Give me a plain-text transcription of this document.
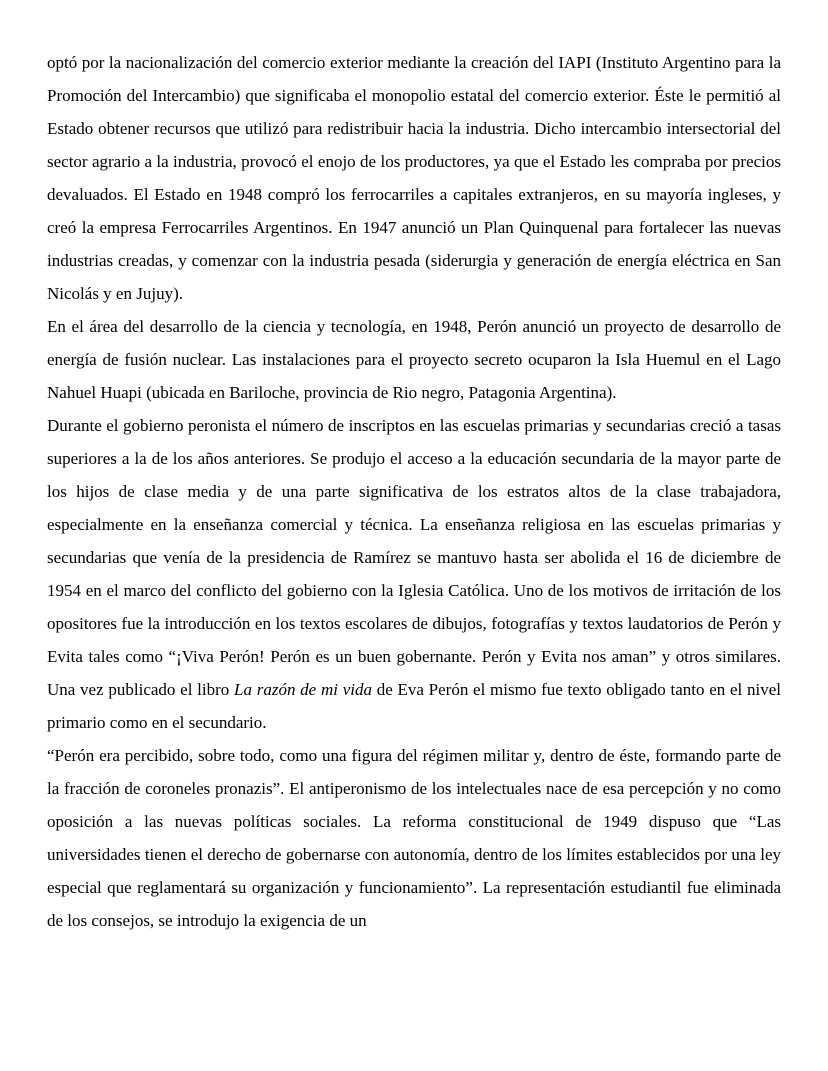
optó por la nacionalización del comercio exterior mediante la creación del IAPI (Instituto Argentino para la Promoción del Intercambio) que significaba el monopolio estatal del comercio exterior. Éste le permitió al Estado obtener recursos que utilizó para redistribuir hacia la industria. Dicho intercambio intersectorial del sector agrario a la industria, provocó el enojo de los productores, ya que el Estado les compraba por precios devaluados. El Estado en 1948 compró los ferrocarriles a capitales extranjeros, en su mayoría ingleses, y creó la empresa Ferrocarriles Argentinos. En 1947 anunció un Plan Quinquenal para fortalecer las nuevas industrias creadas, y comenzar con la industria pesada (siderurgia y generación de energía eléctrica en San Nicolás y en Jujuy).

En el área del desarrollo de la ciencia y tecnología, en 1948, Perón anunció un proyecto de desarrollo de energía de fusión nuclear. Las instalaciones para el proyecto secreto ocuparon la Isla Huemul en el Lago Nahuel Huapi (ubicada en Bariloche, provincia de Rio negro, Patagonia Argentina).

Durante el gobierno peronista el número de inscriptos en las escuelas primarias y secundarias creció a tasas superiores a la de los años anteriores. Se produjo el acceso a la educación secundaria de la mayor parte de los hijos de clase media y de una parte significativa de los estratos altos de la clase trabajadora, especialmente en la enseñanza comercial y técnica. La enseñanza religiosa en las escuelas primarias y secundarias que venía de la presidencia de Ramírez se mantuvo hasta ser abolida el 16 de diciembre de 1954 en el marco del conflicto del gobierno con la Iglesia Católica. Uno de los motivos de irritación de los opositores fue la introducción en los textos escolares de dibujos, fotografías y textos laudatorios de Perón y Evita tales como “¡Viva Perón! Perón es un buen gobernante. Perón y Evita nos aman” y otros similares. Una vez publicado el libro La razón de mi vida de Eva Perón el mismo fue texto obligado tanto en el nivel primario como en el secundario.

“Perón era percibido, sobre todo, como una figura del régimen militar y, dentro de éste, formando parte de la fracción de coroneles pronazis”. El antiperonismo de los intelectuales nace de esa percepción y no como oposición a las nuevas políticas sociales. La reforma constitucional de 1949 dispuso que “Las universidades tienen el derecho de gobernarse con autonomía, dentro de los límites establecidos por una ley especial que reglamentará su organización y funcionamiento”. La representación estudiantil fue eliminada de los consejos, se introdujo la exigencia de un
